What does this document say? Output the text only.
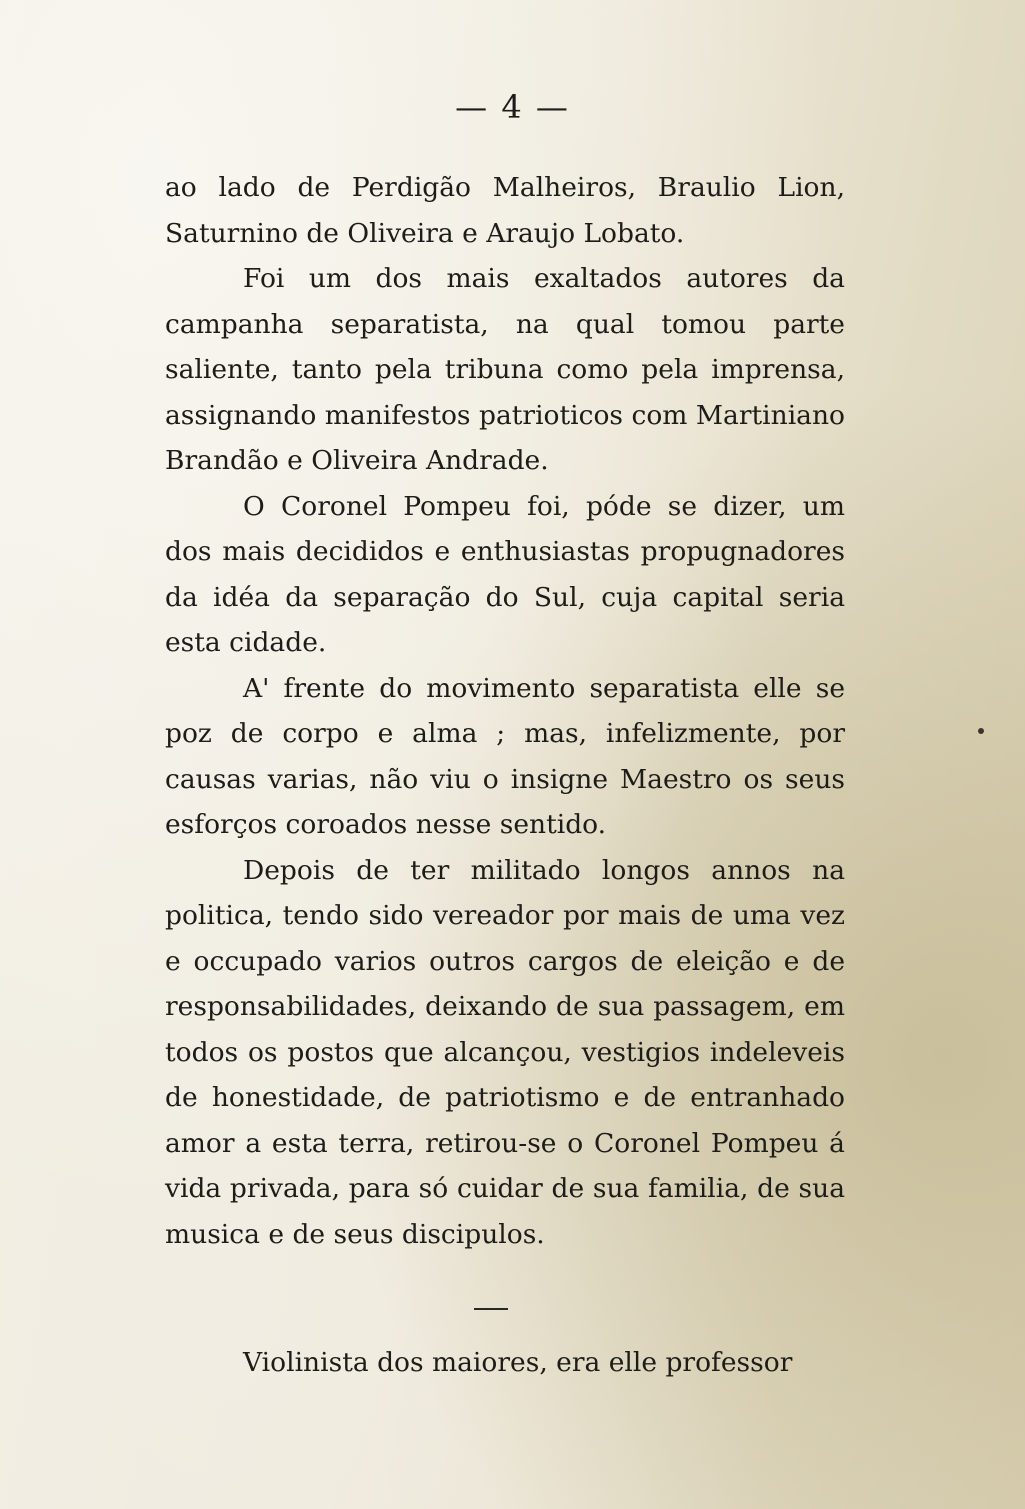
— 4 —

ao lado de Perdigão Malheiros, Braulio Lion, Saturnino de Oliveira e Araujo Lobato.

Foi um dos mais exaltados autores da campanha separatista, na qual tomou parte saliente, tanto pela tribuna como pela imprensa, assignando manifestos patrioticos com Martiniano Brandão e Oliveira Andrade.

O Coronel Pompeu foi, póde se dizer, um dos mais decididos e enthusiastas propugnadores da idéa da separação do Sul, cuja capital seria esta cidade.

A' frente do movimento separatista elle se poz de corpo e alma ; mas, infelizmente, por causas varias, não viu o insigne Maestro os seus esforços coroados nesse sentido.

Depois de ter militado longos annos na politica, tendo sido vereador por mais de uma vez e occupado varios outros cargos de eleição e de responsabilidades, deixando de sua passagem, em todos os postos que alcançou, vestigios indeleveis de honestidade, de patriotismo e de entranhado amor a esta terra, retirou-se o Coronel Pompeu á vida privada, para só cuidar de sua familia, de sua musica e de seus discipulos.

Violinista dos maiores, era elle professor
